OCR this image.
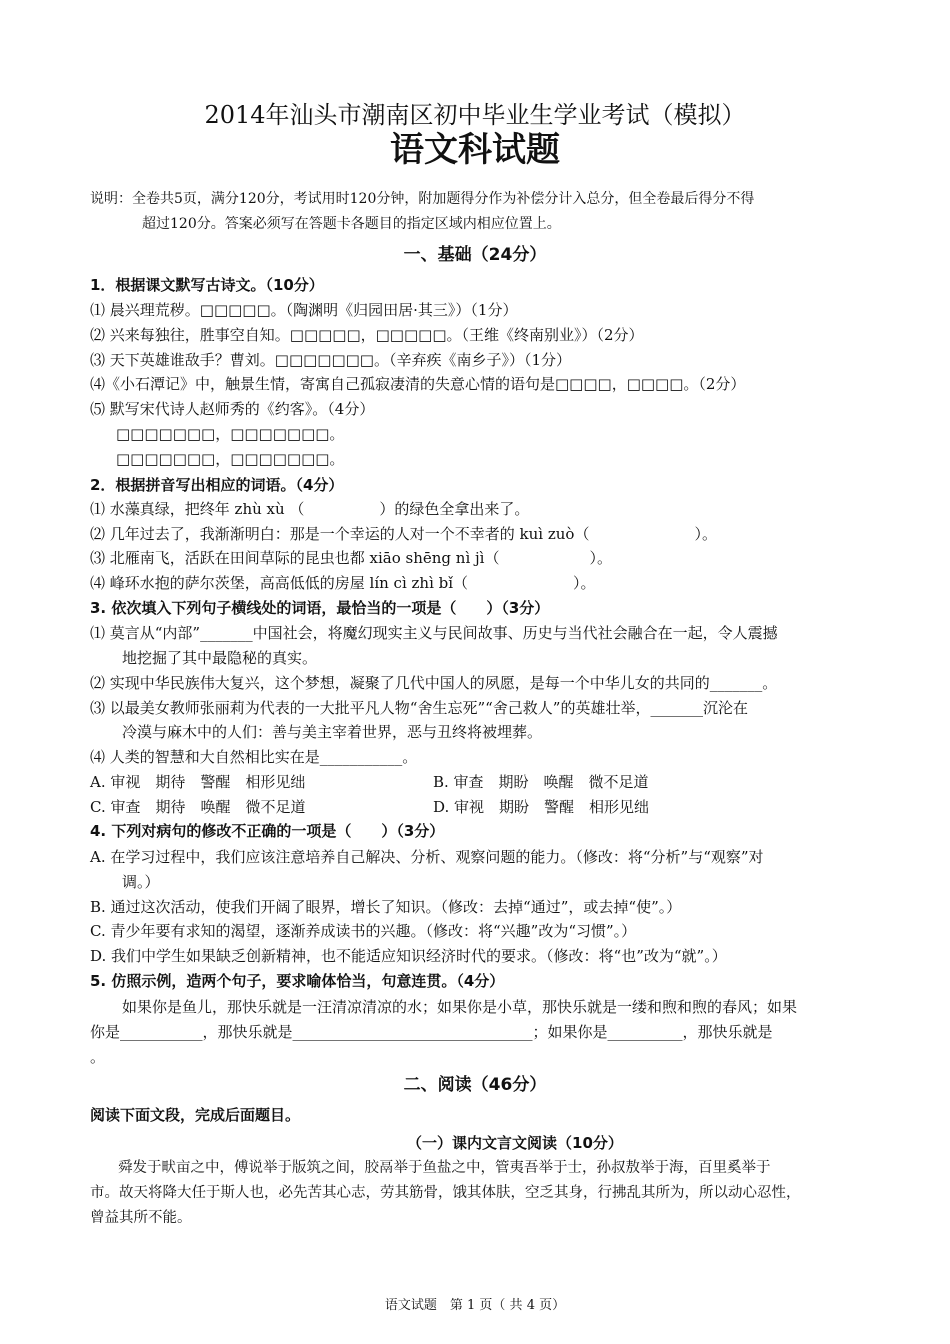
2014年汕头市潮南区初中毕业生学业考试（模拟）
语文科试题
说明：全卷共5页，满分120分，考试用时120分钟，附加题得分作为补偿分计入总分，但全卷最后得分不得
超过120分。答案必须写在答题卡各题目的指定区域内相应位置上。
一、基础（24分）
1．根据课文默写古诗文。（10分）
⑴ 晨兴理荒秽。□□□□□。（陶渊明《归园田居·其三》）（1分）
⑵ 兴来每独往，胜事空自知。□□□□□，□□□□□。（王维《终南别业》）（2分）
⑶ 天下英雄谁敌手？曹刘。□□□□□□□。（辛弃疾《南乡子》）（1分）
⑷《小石潭记》中，触景生情，寄寓自己孤寂凄清的失意心情的语句是□□□□，□□□□。（2分）
⑸ 默写宋代诗人赵师秀的《约客》。（4分）
□□□□□□□，□□□□□□□。
□□□□□□□，□□□□□□□。
2．根据拼音写出相应的词语。（4分）
⑴ 水藻真绿，把终年 zhù xù （　　　　　）的绿色全拿出来了。
⑵ 几年过去了，我渐渐明白：那是一个幸运的人对一个不幸者的 kuì zuò（　　　　　　　）。
⑶ 北雁南飞，活跃在田间草际的昆虫也都 xiāo shēng nì jì（　　　　　　）。
⑷ 峰环水抱的萨尔茨堡，高高低低的房屋 lín cì zhì bǐ（　　　　　　　）。
3. 依次填入下列句子横线处的词语，最恰当的一项是（　　）（3分）
⑴ 莫言从“内部”_______中国社会，将魔幻现实主义与民间故事、历史与当代社会融合在一起，令人震撼
地挖掘了其中最隐秘的真实。
⑵ 实现中华民族伟大复兴，这个梦想，凝聚了几代中国人的夙愿，是每一个中华儿女的共同的_______。
⑶ 以最美女教师张丽莉为代表的一大批平凡人物“舍生忘死”“舍己救人”的英雄壮举，_______沉沦在
冷漠与麻木中的人们：善与美主宰着世界，恶与丑终将被埋葬。
⑷ 人类的智慧和大自然相比实在是___________。
A. 审视　期待　警醒　相形见绌	B. 审查　期盼　唤醒　微不足道
C. 审查　期待　唤醒　微不足道	D. 审视　期盼　警醒　相形见绌
4. 下列对病句的修改不正确的一项是（　　）（3分）
A. 在学习过程中，我们应该注意培养自己解决、分析、观察问题的能力。（修改：将“分析”与“观察”对
调。）
B. 通过这次活动，使我们开阔了眼界，增长了知识。（修改：去掉“通过”，或去掉“使”。）
C. 青少年要有求知的渴望，逐渐养成读书的兴趣。（修改：将“兴趣”改为“习惯”。）
D. 我们中学生如果缺乏创新精神，也不能适应知识经济时代的要求。（修改：将“也”改为“就”。）
5. 仿照示例，造两个句子，要求喻体恰当，句意连贯。（4分）
如果你是鱼儿，那快乐就是一汪清凉清凉的水；如果你是小草，那快乐就是一缕和煦和煦的春风；如果
你是___________，那快乐就是________________________________；如果你是__________，那快乐就是
。
二、阅读（46分）
阅读下面文段，完成后面题目。
（一）课内文言文阅读（10分）
舜发于畎亩之中，傅说举于版筑之间，胶鬲举于鱼盐之中，管夷吾举于士，孙叔敖举于海，百里奚举于
市。故天将降大任于斯人也，必先苦其心志，劳其筋骨，饿其体肤，空乏其身，行拂乱其所为，所以动心忍性，
曾益其所不能。
语文试题　第 1 页（ 共 4 页）
